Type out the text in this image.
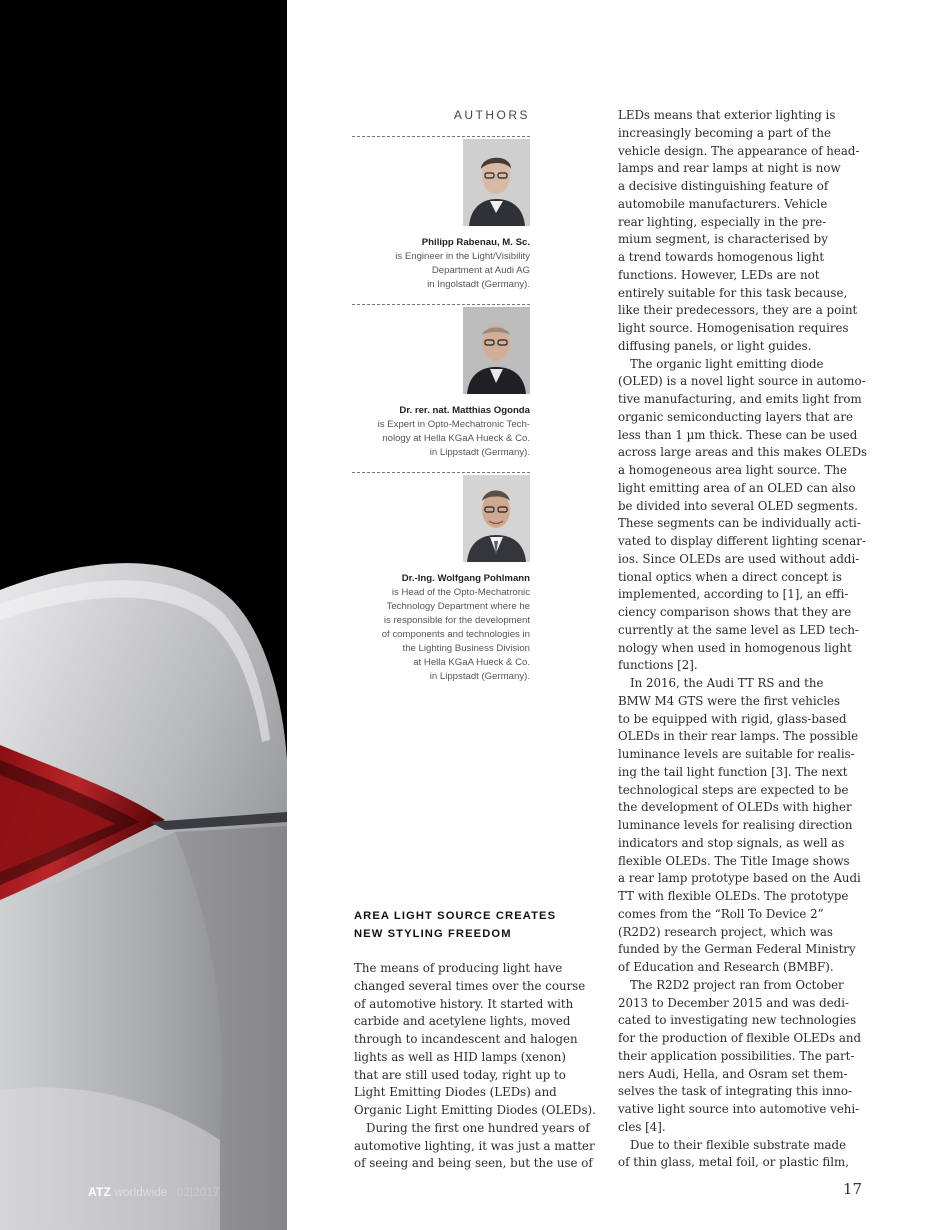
ATZ worldwide 02|2017	17

AUTHORS

Philipp Rabenau, M. Sc.
is Engineer in the Light/Visibility
Department at Audi AG
in Ingolstadt (Germany).
Dr. rer. nat. Matthias Ogonda
is Expert in Opto-Mechatronic Tech-
nology at Hella KGaA Hueck & Co.
in Lippstadt (Germany).
Dr.-Ing. Wolfgang Pohlmann
is Head of the Opto-Mechatronic
Technology Department where he
is responsible for the development
of components and technologies in
the Lighting Business Division
at Hella KGaA Hueck & Co.
in Lippstadt (Germany).
AREA LIGHT SOURCE CREATES
NEW STYLING FREEDOM
The means of producing light have
changed several times over the course
of automotive history. It started with
carbide and acetylene lights, moved
through to incandescent and halogen
lights as well as HID lamps (xenon)
that are still used today, right up to
Light Emitting Diodes (LEDs) and
Organic Light Emitting Diodes (OLEDs).
During the first one hundred years of
automotive lighting, it was just a matter
of seeing and being seen, but the use of
LEDs means that exterior lighting is
increasingly becoming a part of the
vehicle design. The appearance of head-
lamps and rear lamps at night is now
a decisive distinguishing feature of
automobile manufacturers. Vehicle
rear lighting, especially in the pre-
mium segment, is characterised by
a trend towards homogenous light
functions. However, LEDs are not
entirely suitable for this task because,
like their predecessors, they are a point
light source. Homogenisation requires
diffusing panels, or light guides.
The organic light emitting diode
(OLED) is a novel light source in automo-
tive manufacturing, and emits light from
organic semiconducting layers that are
less than 1 µm thick. These can be used
across large areas and this makes OLEDs
a homogeneous area light source. The
light emitting area of an OLED can also
be divided into several OLED segments.
These segments can be individually acti-
vated to display different lighting scenar-
ios. Since OLEDs are used without addi-
tional optics when a direct concept is
implemented, according to [1], an effi-
ciency comparison shows that they are
currently at the same level as LED tech-
nology when used in homogenous light
functions [2].
In 2016, the Audi TT RS and the
BMW M4 GTS were the first vehicles
to be equipped with rigid, glass-based
OLEDs in their rear lamps. The possible
luminance levels are suitable for realis-
ing the tail light function [3]. The next
technological steps are expected to be
the development of OLEDs with higher
luminance levels for realising direction
indicators and stop signals, as well as
flexible OLEDs. The Title Image shows
a rear lamp prototype based on the Audi
TT with flexible OLEDs. The prototype
comes from the “Roll To Device 2”
(R2D2) research project, which was
funded by the German Federal Ministry
of Education and Research (BMBF).
The R2D2 project ran from October
2013 to December 2015 and was dedi-
cated to investigating new technologies
for the production of flexible OLEDs and
their application possibilities. The part-
ners Audi, Hella, and Osram set them-
selves the task of integrating this inno-
vative light source into automotive vehi-
cles [4].
Due to their flexible substrate made
of thin glass, metal foil, or plastic film,
